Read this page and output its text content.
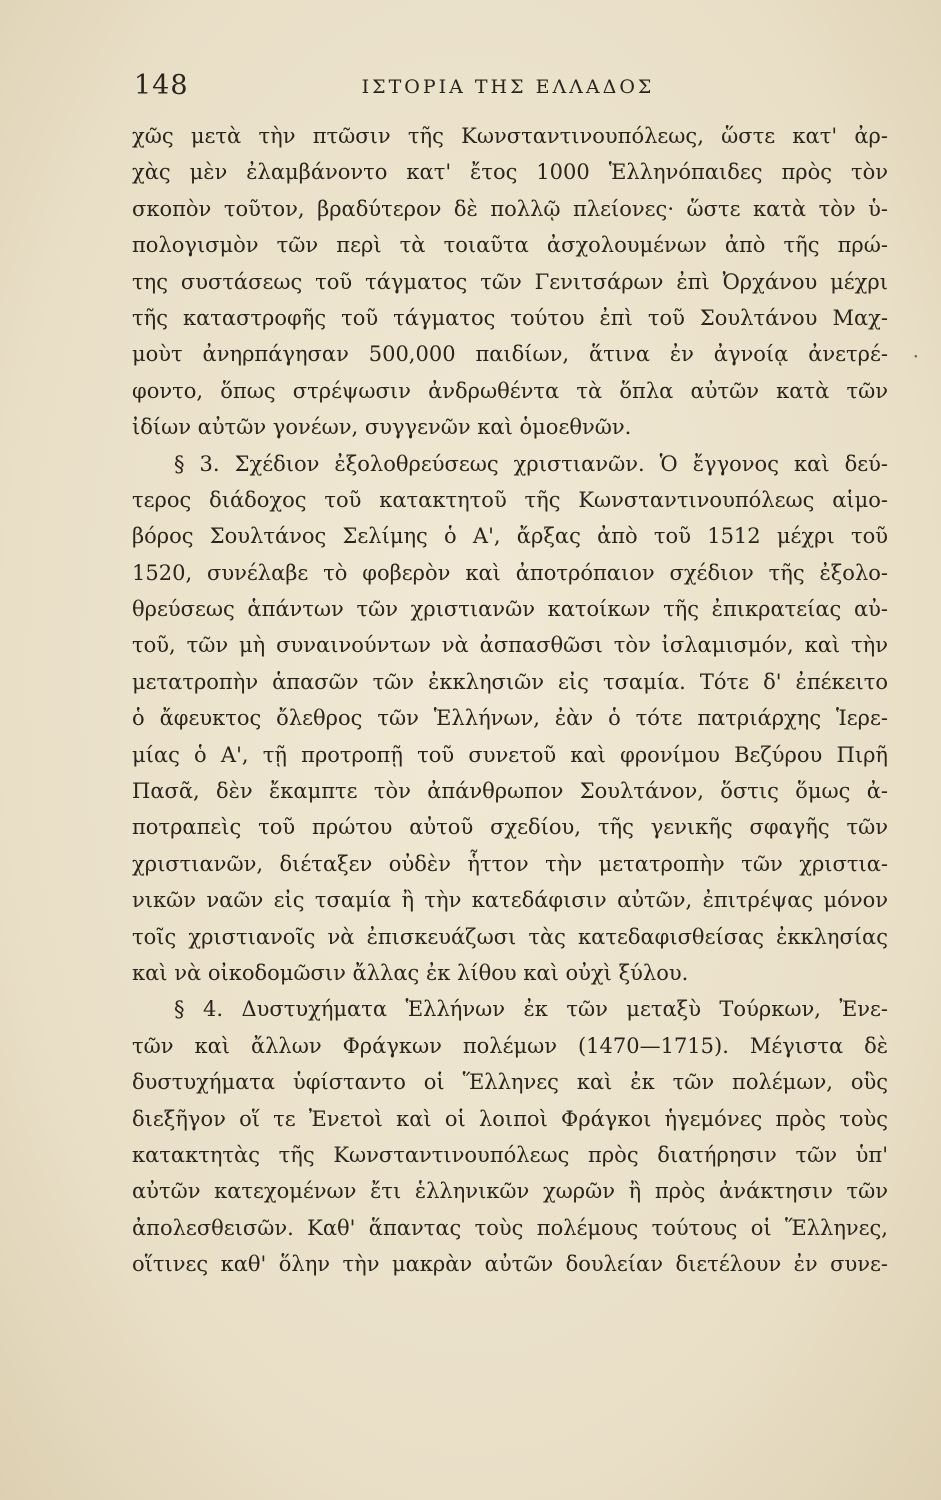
148	ΙΣΤΟΡΙΑ ΤΗΣ ΕΛΛΑΔΟΣ
·
χῶς μετὰ τὴν πτῶσιν τῆς Κωνσταντινουπόλεως, ὥστε κατ' ἀρ-
χὰς μὲν ἐλαμβάνοντο κατ' ἔτος 1000 Ἑλληνόπαιδες πρὸς τὸν
σκοπὸν τοῦτον, βραδύτερον δὲ πολλῷ πλείονες· ὥστε κατὰ τὸν ὑ-
πολογισμὸν τῶν περὶ τὰ τοιαῦτα ἀσχολουμένων ἀπὸ τῆς πρώ-
της συστάσεως τοῦ τάγματος τῶν Γενιτσάρων ἐπὶ Ὀρχάνου μέχρι
τῆς καταστροφῆς τοῦ τάγματος τούτου ἐπὶ τοῦ Σουλτάνου Μαχ-
μοὺτ ἀνηρπάγησαν 500,000 παιδίων, ἅτινα ἐν ἀγνοίᾳ ἀνετρέ-
φοντο, ὅπως στρέψωσιν ἀνδρωθέντα τὰ ὅπλα αὐτῶν κατὰ τῶν
ἰδίων αὐτῶν γονέων, συγγενῶν καὶ ὁμοεθνῶν.
§ 3. Σχέδιον ἐξολοθρεύσεως χριστιανῶν. Ὁ ἔγγονος καὶ δεύ-
τερος διάδοχος τοῦ κατακτητοῦ τῆς Κωνσταντινουπόλεως αἱμο-
βόρος Σουλτάνος Σελίμης ὁ Α', ἄρξας ἀπὸ τοῦ 1512 μέχρι τοῦ
1520, συνέλαβε τὸ φοβερὸν καὶ ἀποτρόπαιον σχέδιον τῆς ἐξολο-
θρεύσεως ἁπάντων τῶν χριστιανῶν κατοίκων τῆς ἐπικρατείας αὐ-
τοῦ, τῶν μὴ συναινούντων νὰ ἀσπασθῶσι τὸν ἰσλαμισμόν, καὶ τὴν
μετατροπὴν ἁπασῶν τῶν ἐκκλησιῶν εἰς τσαμία. Τότε δ' ἐπέκειτο
ὁ ἄφευκτος ὄλεθρος τῶν Ἑλλήνων, ἐὰν ὁ τότε πατριάρχης Ἱερε-
μίας ὁ Α', τῇ προτροπῇ τοῦ συνετοῦ καὶ φρονίμου Βεζύρου Πιρῆ
Πασᾶ, δὲν ἔκαμπτε τὸν ἀπάνθρωπον Σουλτάνον, ὅστις ὅμως ἀ-
ποτραπεὶς τοῦ πρώτου αὐτοῦ σχεδίου, τῆς γενικῆς σφαγῆς τῶν
χριστιανῶν, διέταξεν οὐδὲν ἧττον τὴν μετατροπὴν τῶν χριστια-
νικῶν ναῶν εἰς τσαμία ἢ τὴν κατεδάφισιν αὐτῶν, ἐπιτρέψας μόνον
τοῖς χριστιανοῖς νὰ ἐπισκευάζωσι τὰς κατεδαφισθείσας ἐκκλησίας
καὶ νὰ οἰκοδομῶσιν ἄλλας ἐκ λίθου καὶ οὐχὶ ξύλου.
§ 4. Δυστυχήματα Ἑλλήνων ἐκ τῶν μεταξὺ Τούρκων, Ἐνε-
τῶν καὶ ἄλλων Φράγκων πολέμων (1470—1715). Μέγιστα δὲ
δυστυχήματα ὑφίσταντο οἱ Ἕλληνες καὶ ἐκ τῶν πολέμων, οὓς
διεξῆγον οἵ τε Ἐνετοὶ καὶ οἱ λοιποὶ Φράγκοι ἡγεμόνες πρὸς τοὺς
κατακτητὰς τῆς Κωνσταντινουπόλεως πρὸς διατήρησιν τῶν ὑπ'
αὐτῶν κατεχομένων ἔτι ἑλληνικῶν χωρῶν ἢ πρὸς ἀνάκτησιν τῶν
ἀπολεσθεισῶν. Καθ' ἅπαντας τοὺς πολέμους τούτους οἱ Ἕλληνες,
οἵτινες καθ' ὅλην τὴν μακρὰν αὐτῶν δουλείαν διετέλουν ἐν συνε-
